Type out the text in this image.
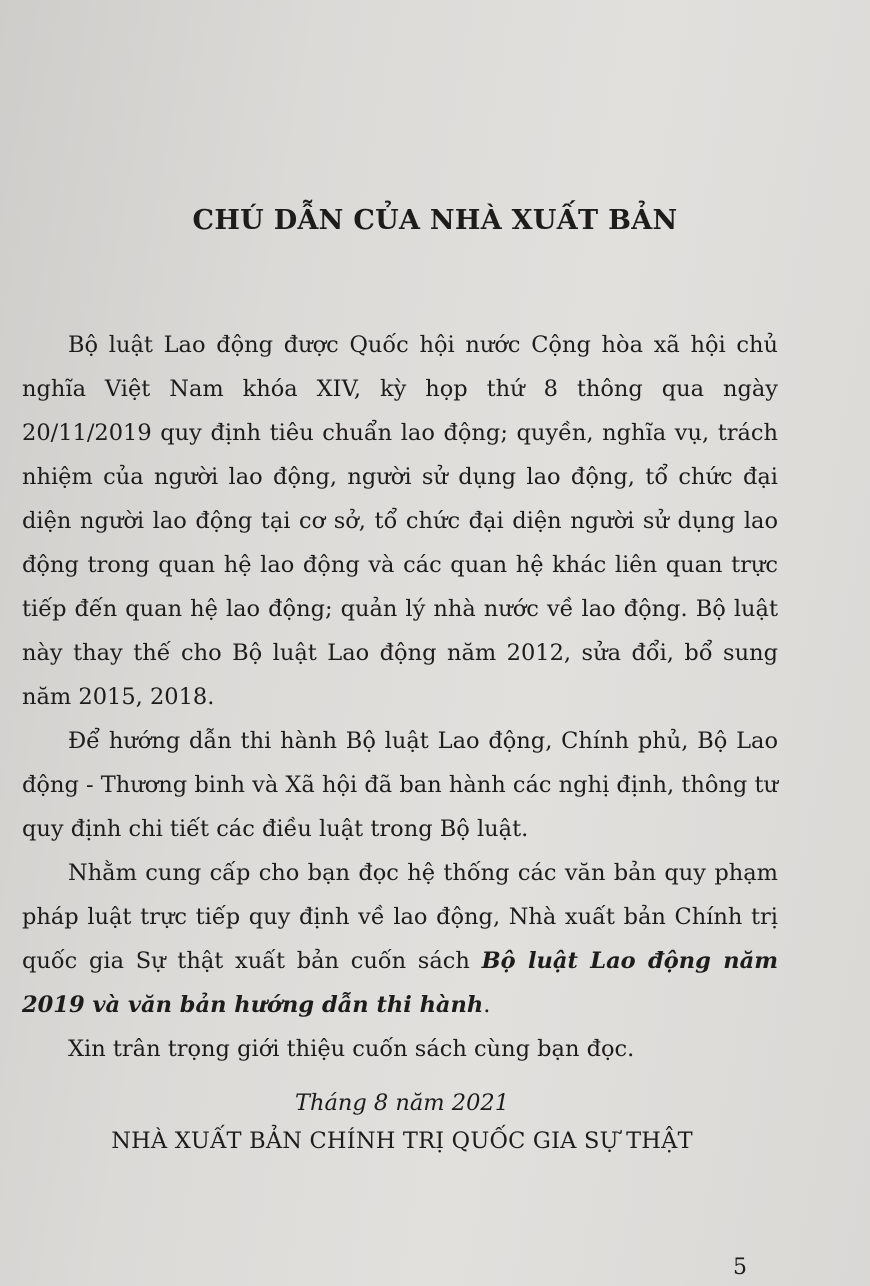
CHÚ DẪN CỦA NHÀ XUẤT BẢN

Bộ luật Lao động được Quốc hội nước Cộng hòa xã hội chủ nghĩa Việt Nam khóa XIV, kỳ họp thứ 8 thông qua ngày 20/11/2019 quy định tiêu chuẩn lao động; quyền, nghĩa vụ, trách nhiệm của người lao động, người sử dụng lao động, tổ chức đại diện người lao động tại cơ sở, tổ chức đại diện người sử dụng lao động trong quan hệ lao động và các quan hệ khác liên quan trực tiếp đến quan hệ lao động; quản lý nhà nước về lao động. Bộ luật này thay thế cho Bộ luật Lao động năm 2012, sửa đổi, bổ sung năm 2015, 2018.

Để hướng dẫn thi hành Bộ luật Lao động, Chính phủ, Bộ Lao động - Thương binh và Xã hội đã ban hành các nghị định, thông tư quy định chi tiết các điều luật trong Bộ luật.

Nhằm cung cấp cho bạn đọc hệ thống các văn bản quy phạm pháp luật trực tiếp quy định về lao động, Nhà xuất bản Chính trị quốc gia Sự thật xuất bản cuốn sách Bộ luật Lao động năm 2019 và văn bản hướng dẫn thi hành.

Xin trân trọng giới thiệu cuốn sách cùng bạn đọc.

Tháng 8 năm 2021

NHÀ XUẤT BẢN CHÍNH TRỊ QUỐC GIA SỰ THẬT

5
